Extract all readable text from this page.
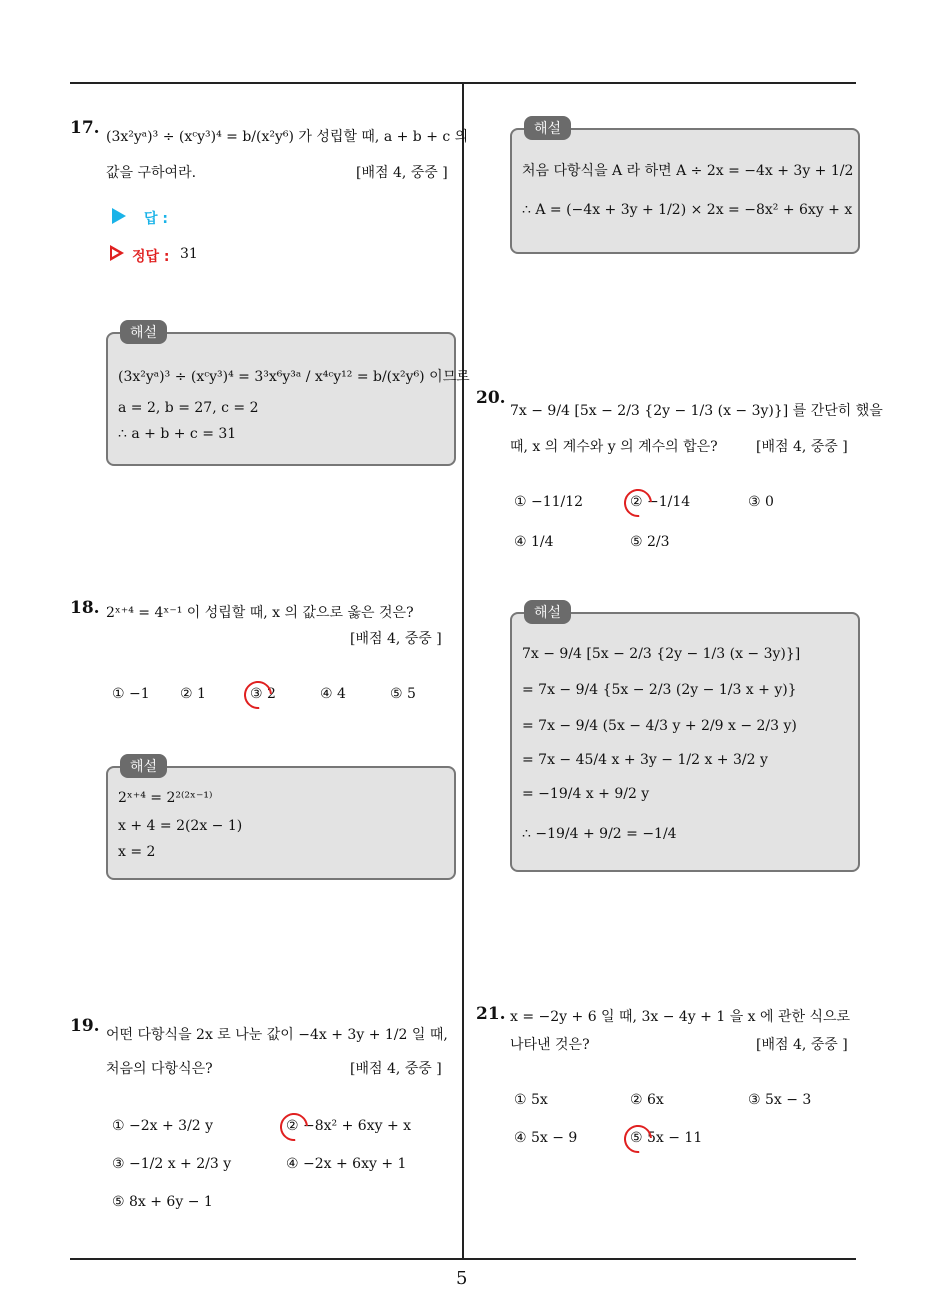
5
17. (3x²yᵃ)³ ÷ (xᶜy³)⁴ = b/(x²y⁶) 가 성립할 때, a + b + c 의
값을 구하여라.	[배점 4, 중중 ]
답 :
정답 : 31
해설
(3x²yᵃ)³ ÷ (xᶜy³)⁴ = 3³x⁶y³ᵃ / x⁴ᶜy¹² = b/(x²y⁶) 이므로
a = 2, b = 27, c = 2
∴ a + b + c = 31
18. 2ˣ⁺⁴ = 4ˣ⁻¹ 이 성립할 때, x 의 값으로 옳은 것은?
[배점 4, 중중 ]
① −1 ② 1	③ 2	④ 4	⑤ 5
해설
2ˣ⁺⁴ = 2²⁽²ˣ⁻¹⁾
x + 4 = 2(2x − 1)
x = 2
19. 어떤 다항식을 2x 로 나눈 값이 −4x + 3y + 1/2 일 때,
처음의 다항식은?	[배점 4, 중중 ]
① −2x + 3/2 y	② −8x² + 6xy + x
③ −1/2 x + 2/3 y	④ −2x + 6xy + 1
⑤ 8x + 6y − 1
해설
처음 다항식을 A 라 하면 A ÷ 2x = −4x + 3y + 1/2
∴ A = (−4x + 3y + 1/2) × 2x = −8x² + 6xy + x
20.
7x − 9/4 [5x − 2/3 {2y − 1/3 (x − 3y)}] 를 간단히 했을
때, x 의 계수와 y 의 계수의 합은?	[배점 4, 중중 ]
① −11/12	② −1/14	③ 0
④ 1/4	⑤ 2/3
해설
7x − 9/4 [5x − 2/3 {2y − 1/3 (x − 3y)}]
= 7x − 9/4 {5x − 2/3 (2y − 1/3 x + y)}
= 7x − 9/4 (5x − 4/3 y + 2/9 x − 2/3 y)
= 7x − 45/4 x + 3y − 1/2 x + 3/2 y
= −19/4 x + 9/2 y
∴ −19/4 + 9/2 = −1/4
21. x = −2y + 6 일 때, 3x − 4y + 1 을 x 에 관한 식으로
나타낸 것은?	[배점 4, 중중 ]
① 5x	② 6x	③ 5x − 3
④ 5x − 9	⑤ 5x − 11
